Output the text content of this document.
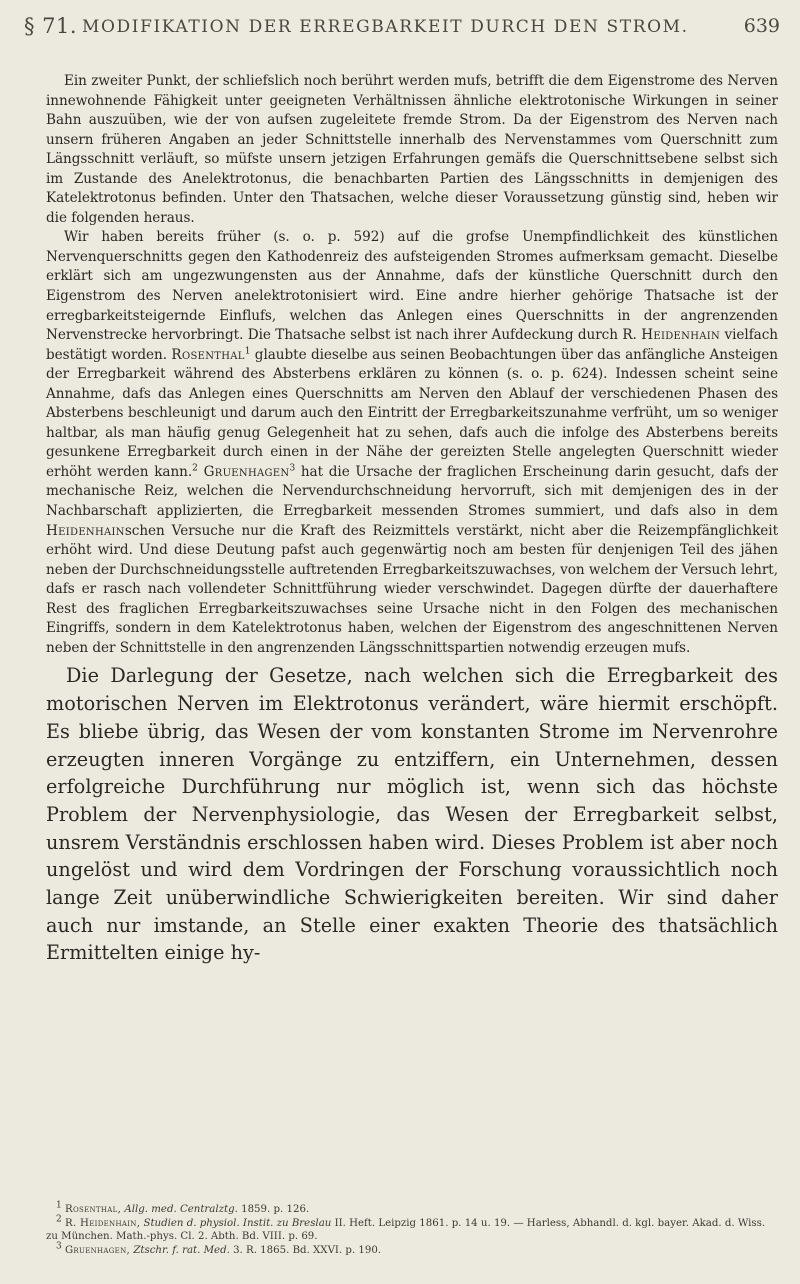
§ 71. MODIFIKATION DER ERREGBARKEIT DURCH DEN STROM.	639

Ein zweiter Punkt, der schliefslich noch berührt werden mufs, betrifft die dem Eigenstrome des Nerven innewohnende Fähigkeit unter geeigneten Verhältnissen ähnliche elektrotonische Wirkungen in seiner Bahn auszuüben, wie der von aufsen zugeleitete fremde Strom. Da der Eigenstrom des Nerven nach unsern früheren Angaben an jeder Schnittstelle innerhalb des Nervenstammes vom Querschnitt zum Längsschnitt verläuft, so müfste unsern jetzigen Erfahrungen gemäfs die Querschnittsebene selbst sich im Zustande des Anelektrotonus, die benachbarten Partien des Längsschnitts in demjenigen des Katelektrotonus befinden. Unter den Thatsachen, welche dieser Voraussetzung günstig sind, heben wir die folgenden heraus.

Wir haben bereits früher (s. o. p. 592) auf die grofse Unempfindlichkeit des künstlichen Nervenquerschnitts gegen den Kathodenreiz des aufsteigenden Stromes aufmerksam gemacht. Dieselbe erklärt sich am ungezwungensten aus der Annahme, dafs der künstliche Querschnitt durch den Eigenstrom des Nerven anelektrotonisiert wird. Eine andre hierher gehörige Thatsache ist der erregbarkeitsteigernde Einflufs, welchen das Anlegen eines Querschnitts in der angrenzenden Nervenstrecke hervorbringt. Die Thatsache selbst ist nach ihrer Aufdeckung durch R. Heidenhain vielfach bestätigt worden. Rosenthal$^1$ glaubte dieselbe aus seinen Beobachtungen über das anfängliche Ansteigen der Erregbarkeit während des Absterbens erklären zu können (s. o. p. 624). Indessen scheint seine Annahme, dafs das Anlegen eines Querschnitts am Nerven den Ablauf der verschiedenen Phasen des Absterbens beschleunigt und darum auch den Eintritt der Erregbarkeitszunahme verfrüht, um so weniger haltbar, als man häufig genug Gelegenheit hat zu sehen, dafs auch die infolge des Absterbens bereits gesunkene Erregbarkeit durch einen in der Nähe der gereizten Stelle angelegten Querschnitt wieder erhöht werden kann.$^2$ Gruenhagen$^3$ hat die Ursache der fraglichen Erscheinung darin gesucht, dafs der mechanische Reiz, welchen die Nervendurchschneidung hervorruft, sich mit demjenigen des in der Nachbarschaft applizierten, die Erregbarkeit messenden Stromes summiert, und dafs also in dem Heidenhainschen Versuche nur die Kraft des Reizmittels verstärkt, nicht aber die Reizempfänglichkeit erhöht wird. Und diese Deutung pafst auch gegenwärtig noch am besten für denjenigen Teil des jähen neben der Durchschneidungsstelle auftretenden Erregbarkeitszuwachses, von welchem der Versuch lehrt, dafs er rasch nach vollendeter Schnittführung wieder verschwindet. Dagegen dürfte der dauerhaftere Rest des fraglichen Erregbarkeitszuwachses seine Ursache nicht in den Folgen des mechanischen Eingriffs, sondern in dem Katelektrotonus haben, welchen der Eigenstrom des angeschnittenen Nerven neben der Schnittstelle in den angrenzenden Längsschnittspartien notwendig erzeugen mufs.

Die Darlegung der Gesetze, nach welchen sich die Erregbarkeit des motorischen Nerven im Elektrotonus verändert, wäre hiermit erschöpft. Es bliebe übrig, das Wesen der vom konstanten Strome im Nervenrohre erzeugten inneren Vorgänge zu entziffern, ein Unternehmen, dessen erfolgreiche Durchführung nur möglich ist, wenn sich das höchste Problem der Nervenphysiologie, das Wesen der Erregbarkeit selbst, unsrem Verständnis erschlossen haben wird. Dieses Problem ist aber noch ungelöst und wird dem Vordringen der Forschung voraussichtlich noch lange Zeit unüberwindliche Schwierigkeiten bereiten. Wir sind daher auch nur imstande, an Stelle einer exakten Theorie des thatsächlich Ermittelten einige hy-

$^1$ Rosenthal, Allg. med. Centralztg. 1859. p. 126.
$^2$ R. Heidenhain, Studien d. physiol. Instit. zu Breslau II. Heft. Leipzig 1861. p. 14 u. 19. — Harless, Abhandl. d. kgl. bayer. Akad. d. Wiss. zu München. Math.-phys. Cl. 2. Abth. Bd. VIII. p. 69.
$^3$ Gruenhagen, Ztschr. f. rat. Med. 3. R. 1865. Bd. XXVI. p. 190.
